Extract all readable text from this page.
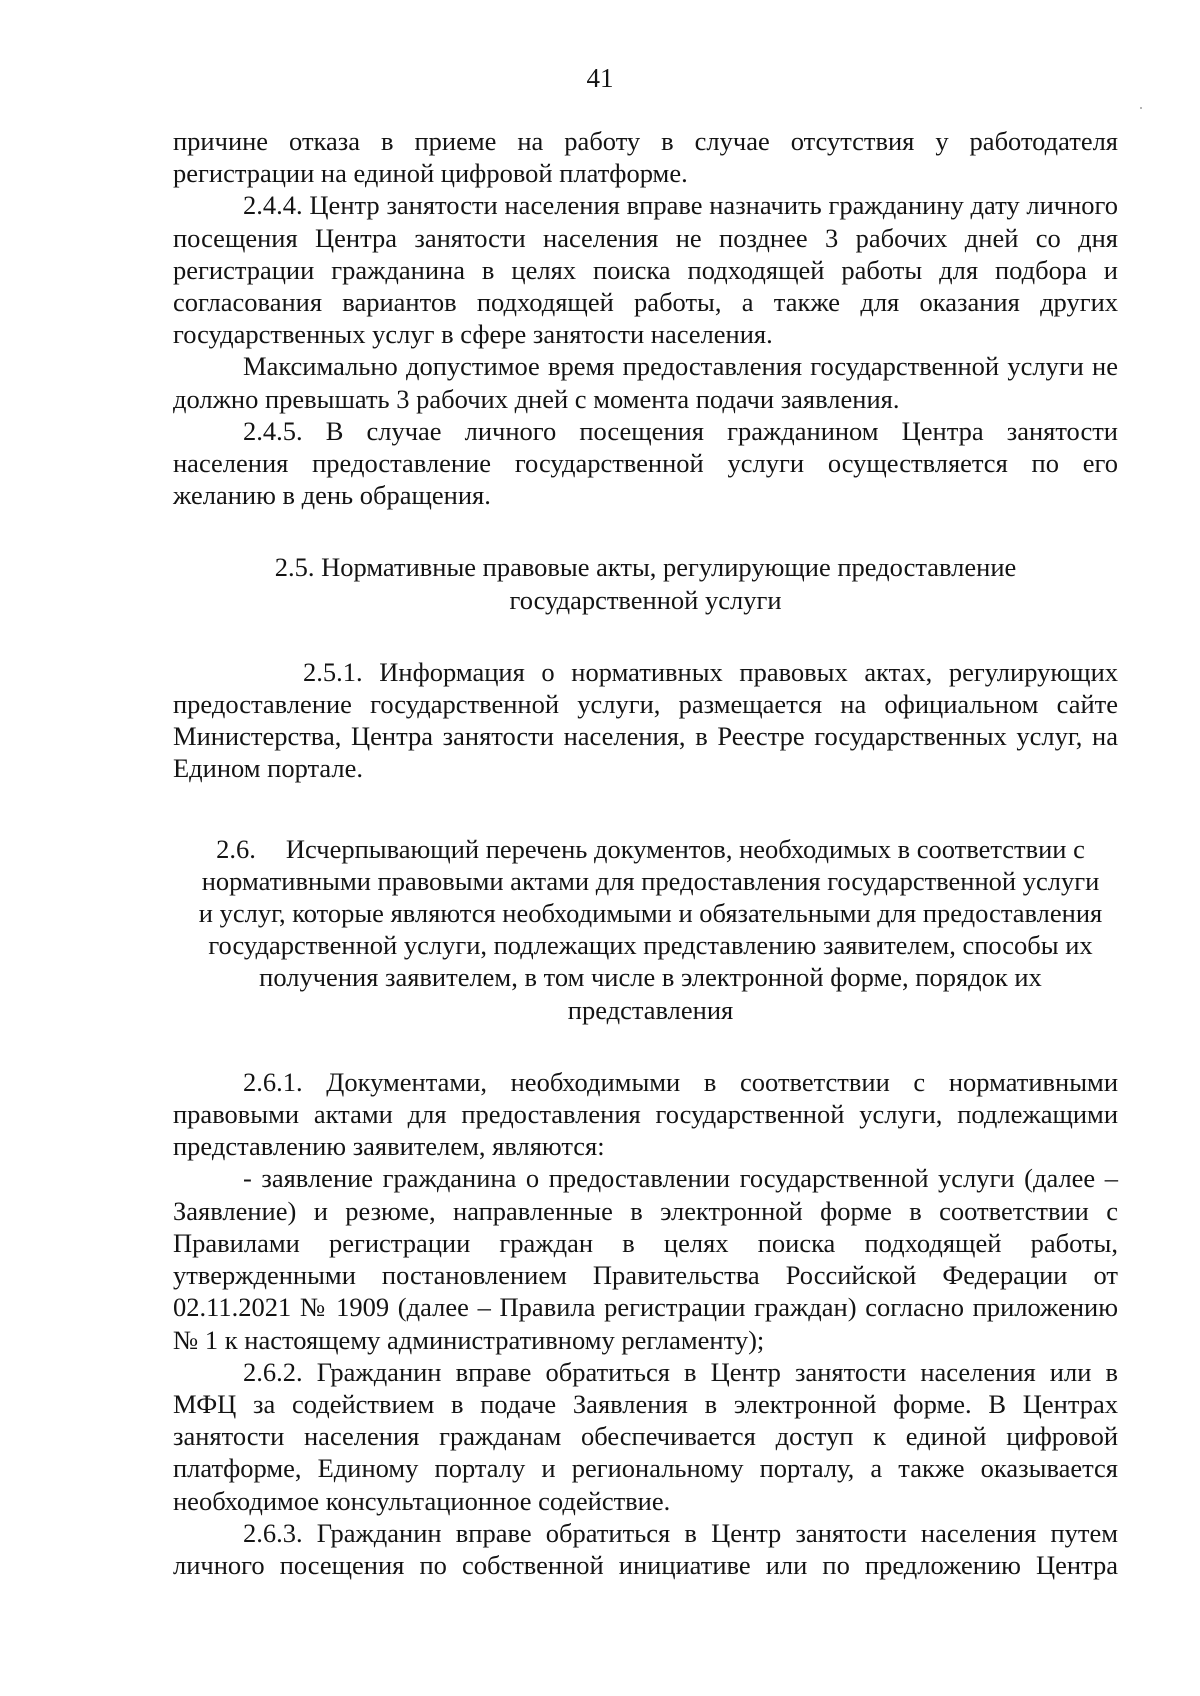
41

причине отказа в приеме на работу в случае отсутствия у работодателя регистрации на единой цифровой платформе.

2.4.4. Центр занятости населения вправе назначить гражданину дату личного посещения Центра занятости населения не позднее 3 рабочих дней со дня регистрации гражданина в целях поиска подходящей работы для подбора и согласования вариантов подходящей работы, а также для оказания других государственных услуг в сфере занятости населения.

Максимально допустимое время предоставления государственной услуги не должно превышать 3 рабочих дней с момента подачи заявления.

2.4.5. В случае личного посещения гражданином Центра занятости населения предоставление государственной услуги осуществляется по его желанию в день обращения.

2.5. Нормативные правовые акты, регулирующие предоставление государственной услуги

2.5.1. Информация о нормативных правовых актах, регулирующих предоставление государственной услуги, размещается на официальном сайте Министерства, Центра занятости населения, в Реестре государственных услуг, на Едином портале.

2.6. Исчерпывающий перечень документов, необходимых в соответствии с нормативными правовыми актами для предоставления государственной услуги и услуг, которые являются необходимыми и обязательными для предоставления государственной услуги, подлежащих представлению заявителем, способы их получения заявителем, в том числе в электронной форме, порядок их представления

2.6.1. Документами, необходимыми в соответствии с нормативными правовыми актами для предоставления государственной услуги, подлежащими представлению заявителем, являются:

- заявление гражданина о предоставлении государственной услуги (далее – Заявление) и резюме, направленные в электронной форме в соответствии с Правилами регистрации граждан в целях поиска подходящей работы, утвержденными постановлением Правительства Российской Федерации от 02.11.2021 № 1909 (далее – Правила регистрации граждан) согласно приложению № 1 к настоящему административному регламенту);

2.6.2. Гражданин вправе обратиться в Центр занятости населения или в МФЦ за содействием в подаче Заявления в электронной форме. В Центрах занятости населения гражданам обеспечивается доступ к единой цифровой платформе, Единому порталу и региональному порталу, а также оказывается необходимое консультационное содействие.

2.6.3. Гражданин вправе обратиться в Центр занятости населения путем личного посещения по собственной инициативе или по предложению Центра
